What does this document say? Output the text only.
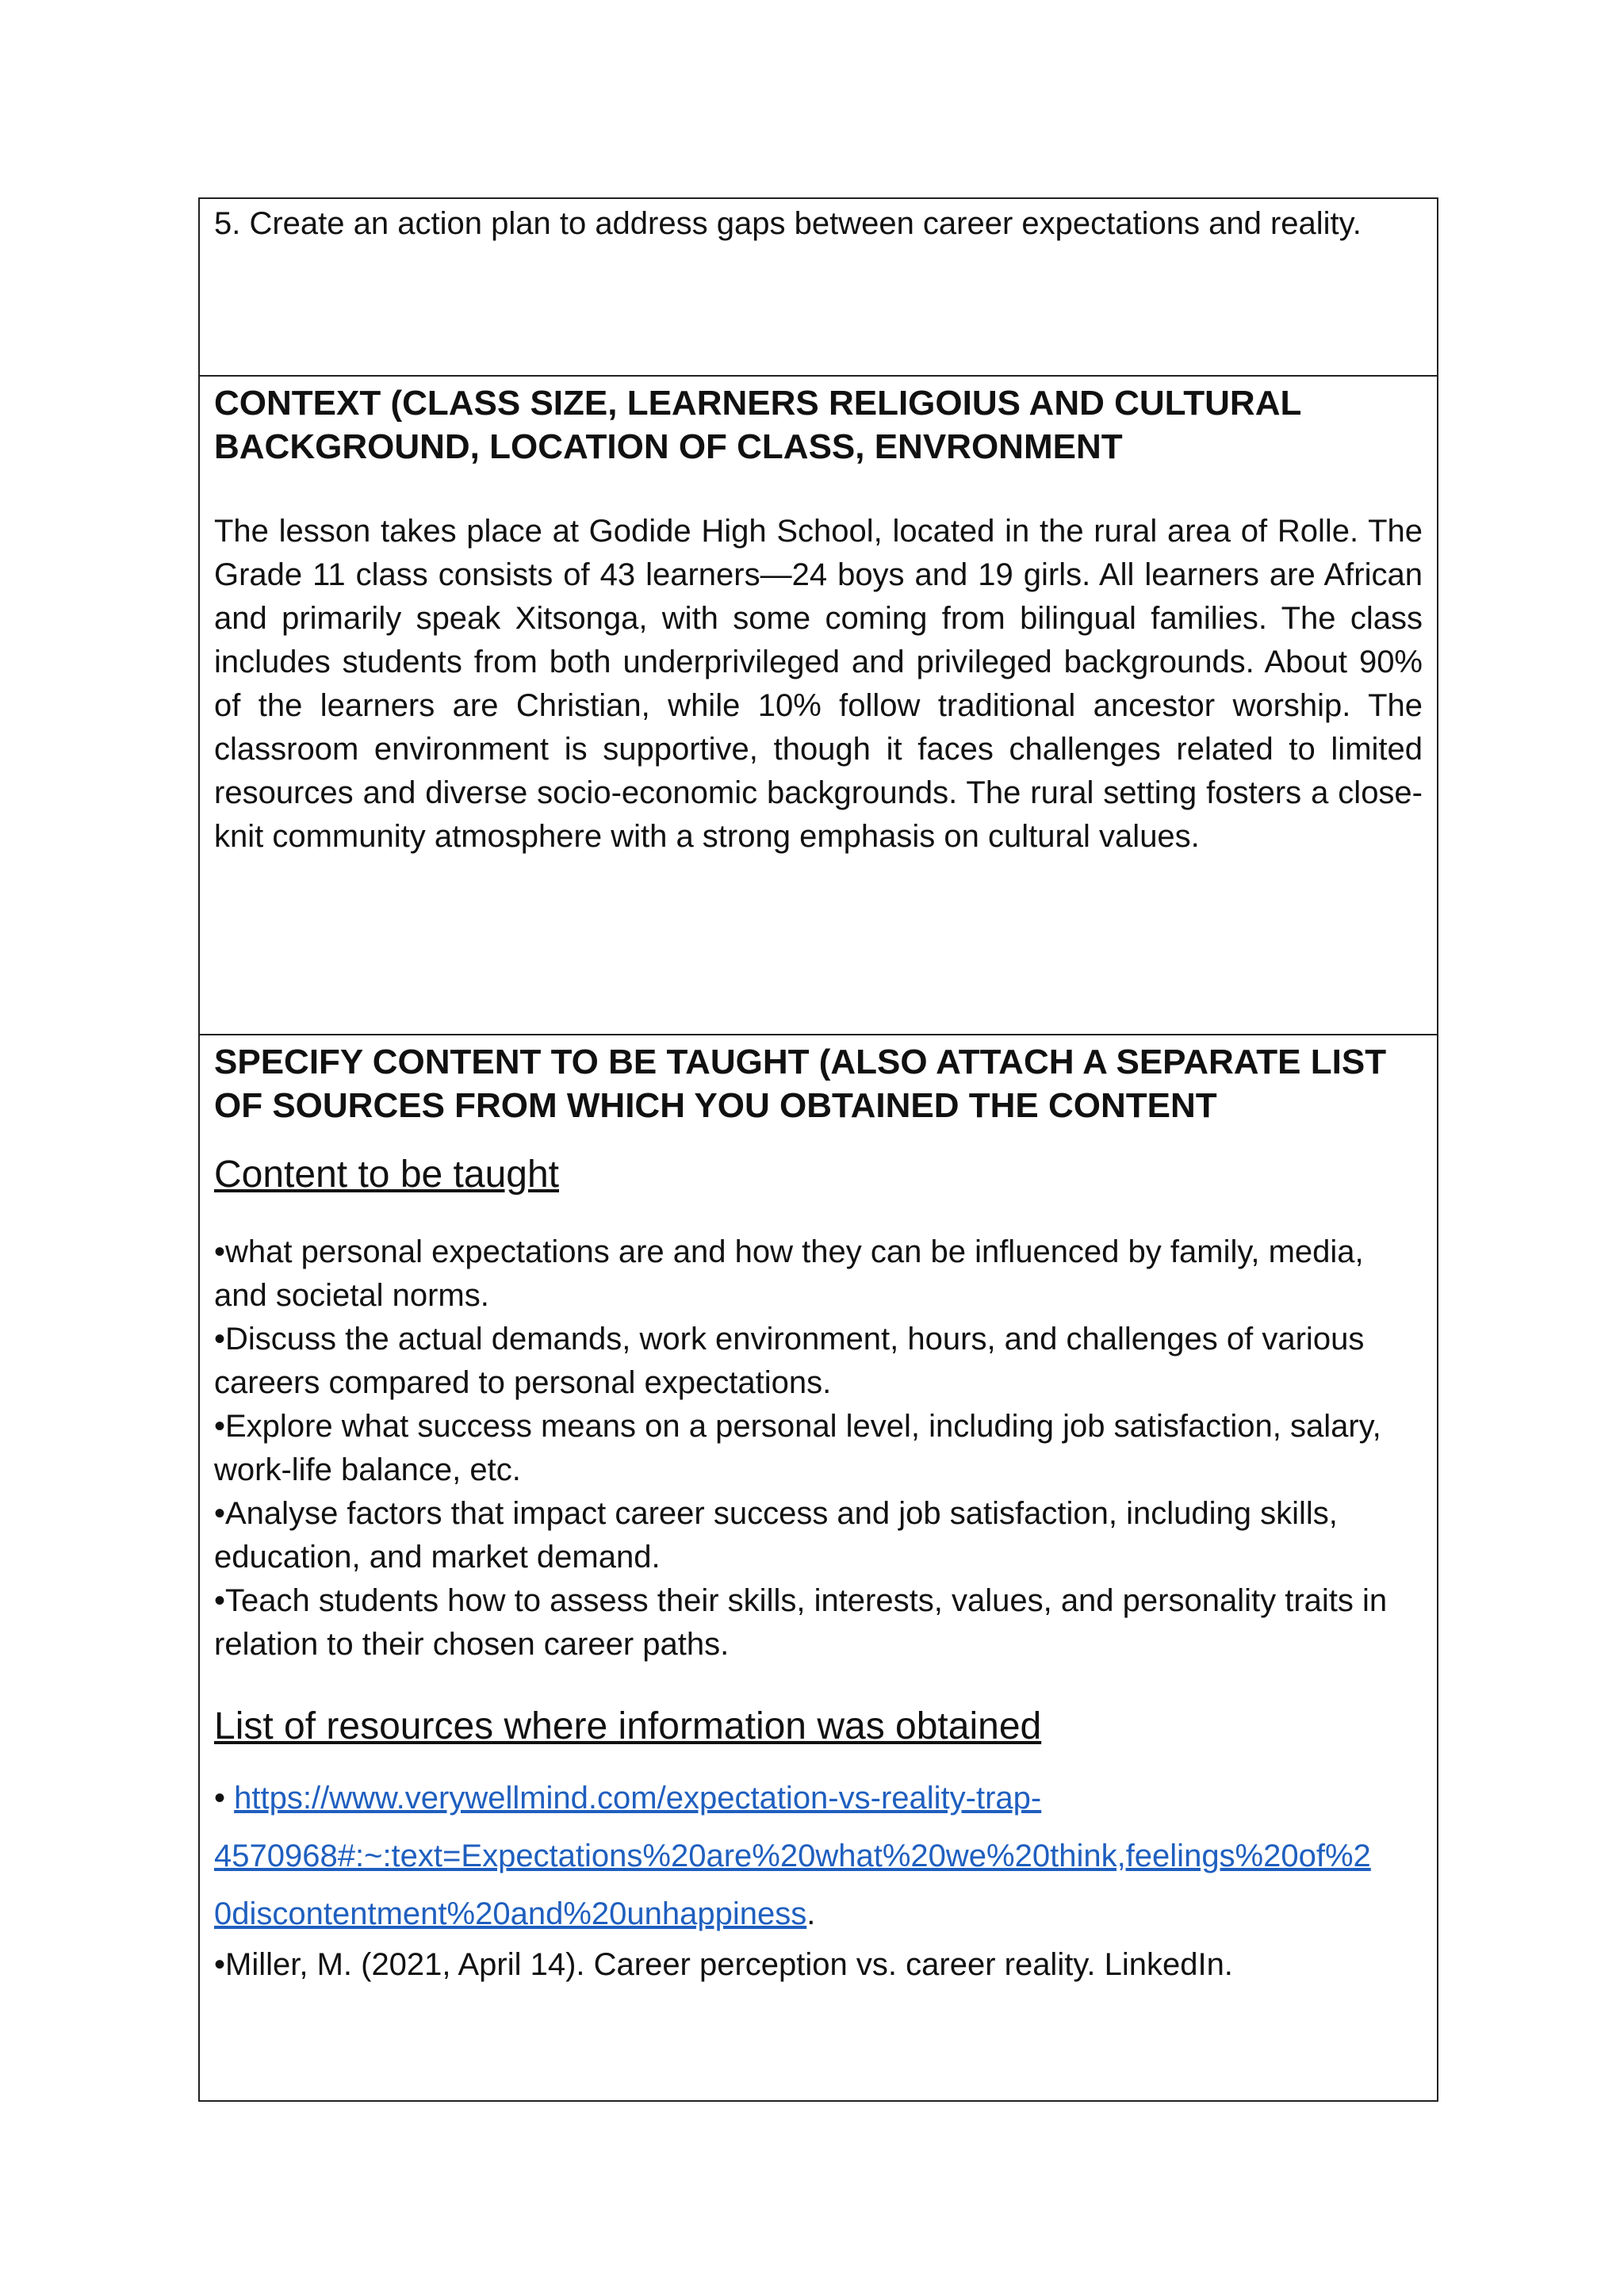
5. Create an action plan to address gaps between career expectations and reality.

CONTEXT (CLASS SIZE, LEARNERS RELIGOIUS AND CULTURAL BACKGROUND, LOCATION OF CLASS, ENVRONMENT

The lesson takes place at Godide High School, located in the rural area of Rolle. The Grade 11 class consists of 43 learners—24 boys and 19 girls. All learners are African and primarily speak Xitsonga, with some coming from bilingual families. The class includes students from both underprivileged and privileged backgrounds. About 90% of the learners are Christian, while 10% follow traditional ancestor worship. The classroom environment is supportive, though it faces challenges related to limited resources and diverse socio-economic backgrounds. The rural setting fosters a close-knit community atmosphere with a strong emphasis on cultural values.

SPECIFY CONTENT TO BE TAUGHT (ALSO ATTACH A SEPARATE LIST OF SOURCES FROM WHICH YOU OBTAINED THE CONTENT

Content to be taught

•what personal expectations are and how they can be influenced by family, media, and societal norms.

•Discuss the actual demands, work environment, hours, and challenges of various careers compared to personal expectations.

•Explore what success means on a personal level, including job satisfaction, salary, work-life balance, etc.

•Analyse factors that impact career success and job satisfaction, including skills, education, and market demand.

•Teach students how to assess their skills, interests, values, and personality traits in relation to their chosen career paths.

List of resources where information was obtained

• https://www.verywellmind.com/expectation-vs-reality-trap-
4570968#:~:text=Expectations%20are%20what%20we%20think,feelings%20of%2
0discontentment%20and%20unhappiness.

•Miller, M. (2021, April 14). Career perception vs. career reality. LinkedIn.
